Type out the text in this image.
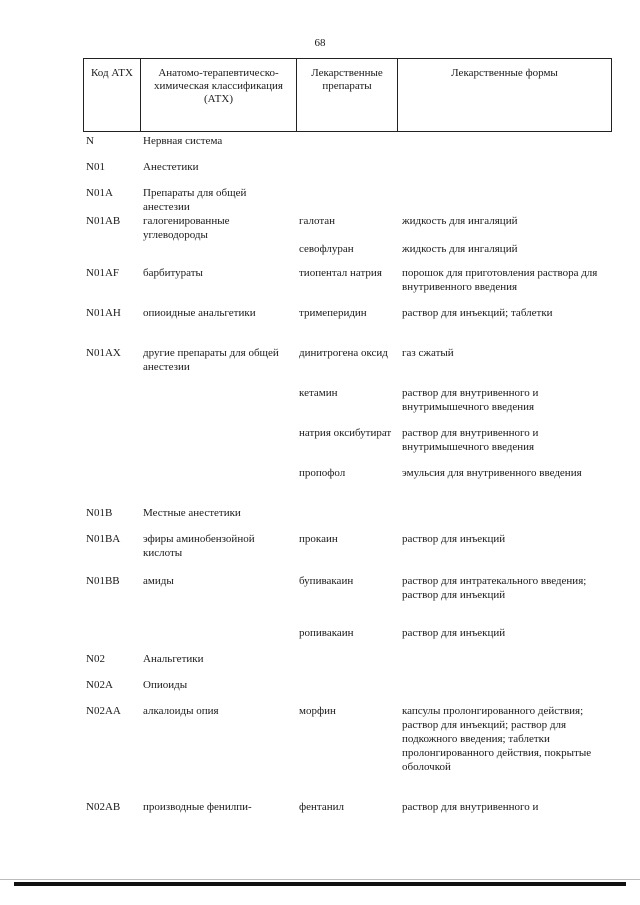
68
Код АТХ	Анатомо-терапевтическо-химическая классификация (АТХ)	Лекарственные препараты	Лекарственные формы
N	Нервная система		
N01	Анестетики		
N01A	Препараты для общей анестезии		
N01AB	галогенированные углеводороды	галотан	жидкость для ингаляций
		севофлуран	жидкость для ингаляций
N01AF	барбитураты	тиопентал натрия	порошок для приготовления раствора для внутривенного введения
N01AH	опиоидные анальгетики	тримеперидин	раствор для инъекций; таблетки
N01AX	другие препараты для общей анестезии	динитрогена оксид	газ сжатый
		кетамин	раствор для внутривенного и внутримышечного введения
		натрия оксибутират	раствор для внутривенного и внутримышечного введения
		пропофол	эмульсия для внутривенного введения
N01B	Местные анестетики		
N01BA	эфиры аминобензойной кислоты	прокаин	раствор для инъекций
N01BB	амиды	бупивакаин	раствор для интратекального введения; раствор для инъекций
		ропивакаин	раствор для инъекций
N02	Анальгетики		
N02A	Опиоиды		
N02AA	алкалоиды опия	морфин	капсулы пролонгированного действия; раствор для инъекций; раствор для подкожного введения; таблетки пролонгированного действия, покрытые оболочкой
N02AB	производные фенилпи-	фентанил	раствор для внутривенного и
